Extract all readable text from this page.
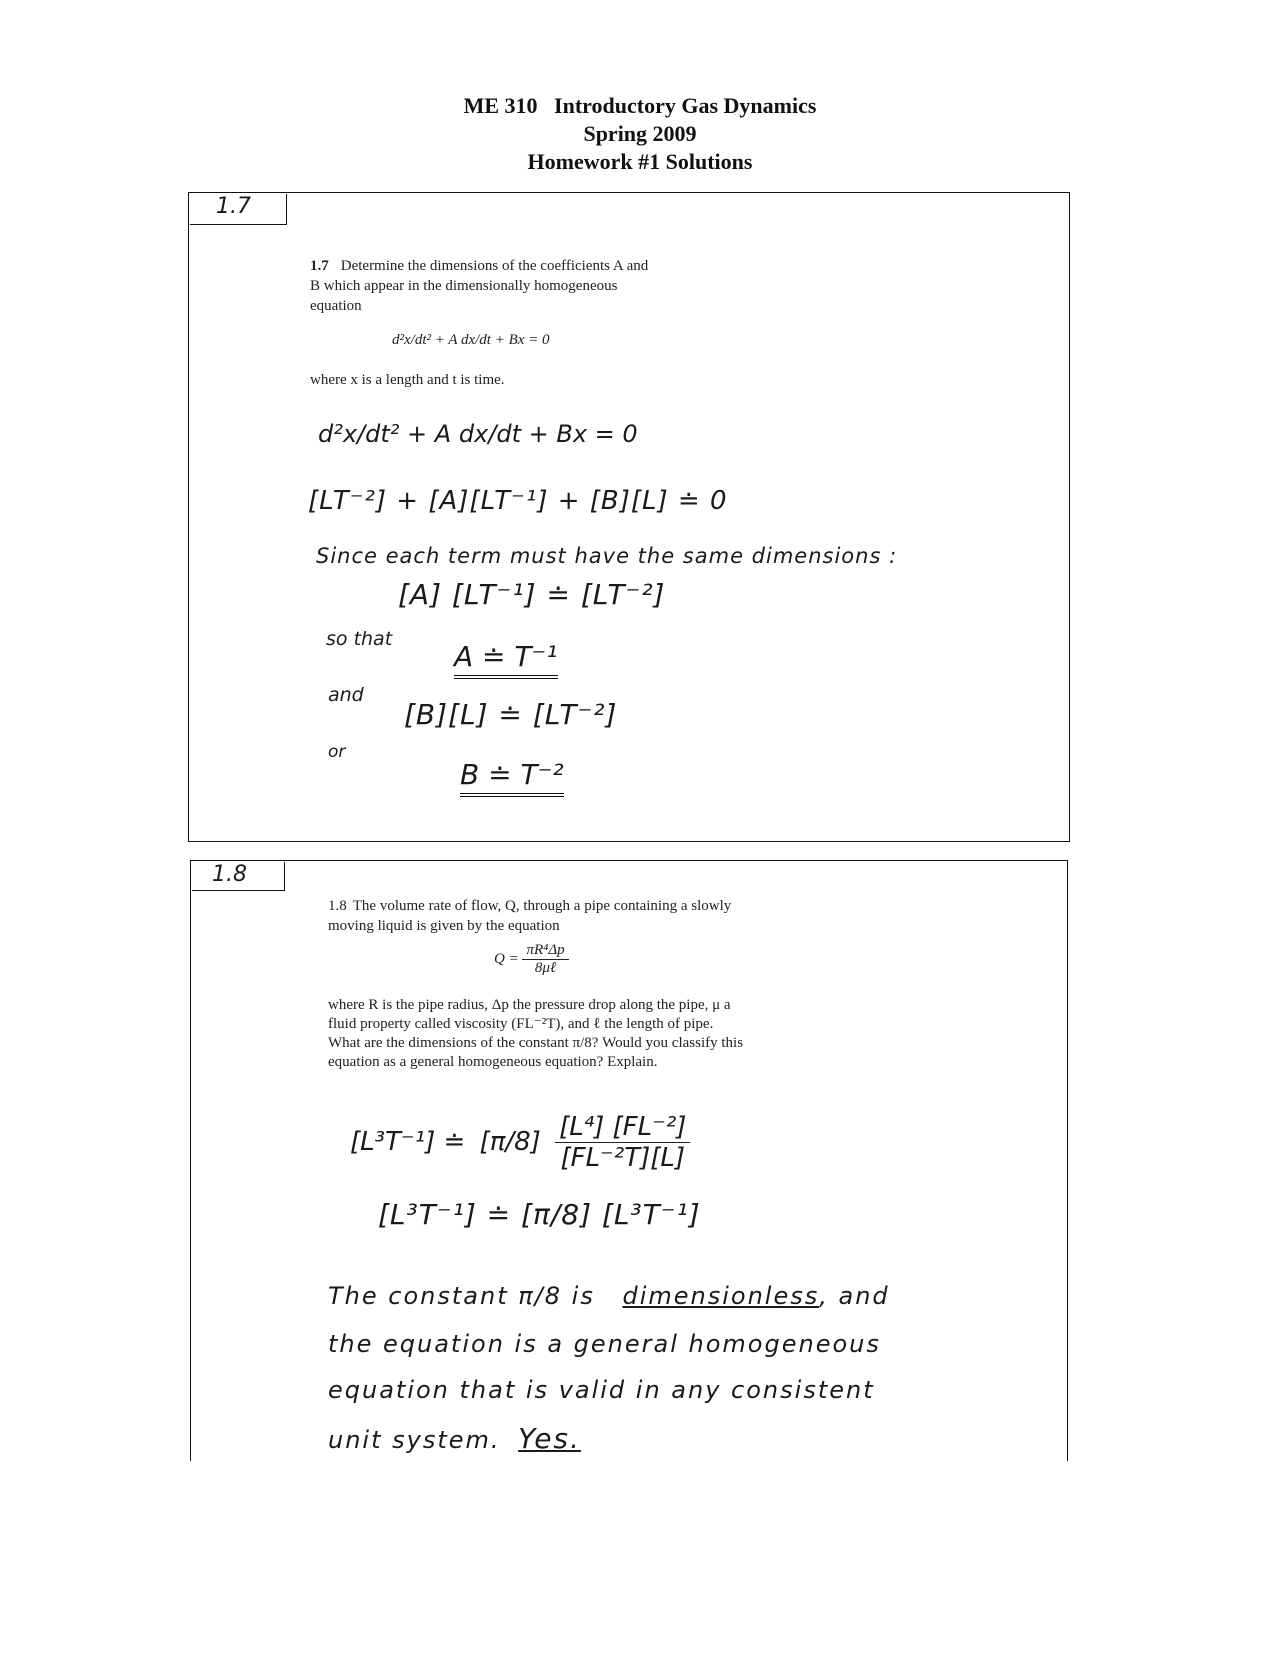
ME 310   Introductory Gas Dynamics
Spring 2009
Homework #1 Solutions
1.7
1.7 Determine the dimensions of the coefficients A and B which appear in the dimensionally homogeneous equation
d²x/dt² + A dx/dt + Bx = 0
where x is a length and t is time.
d²x/dt² + A dx/dt + Bx = 0
[LT⁻²] + [A][LT⁻¹] + [B][L] ≐ 0
Since each term must have the same dimensions :
[A] [LT⁻¹] ≐ [LT⁻²]
so that
A ≐ T⁻¹
and
[B][L] ≐ [LT⁻²]
or
B ≐ T⁻²
1.8
1.8 The volume rate of flow, Q, through a pipe containing a slowly moving liquid is given by the equation
$Q = \frac{\text{πR⁴Δp}}{\text{8μℓ}}$
where R is the pipe radius, Δp the pressure drop along the pipe, μ a fluid property called viscosity (FL⁻²T), and ℓ the length of pipe. What are the dimensions of the constant π/8? Would you classify this equation as a general homogeneous equation? Explain.
[L³T⁻¹] ≐ $[\pi/8] \frac{\text{[L⁴] [FL⁻²]}}{\text{[FL⁻²T][L]}}$
[L³T⁻¹] ≐ [π/8] [L³T⁻¹]
The constant π/8 is dimensionless, and
the equation is a general homogeneous
equation that is valid in any consistent
unit system. Yes.
